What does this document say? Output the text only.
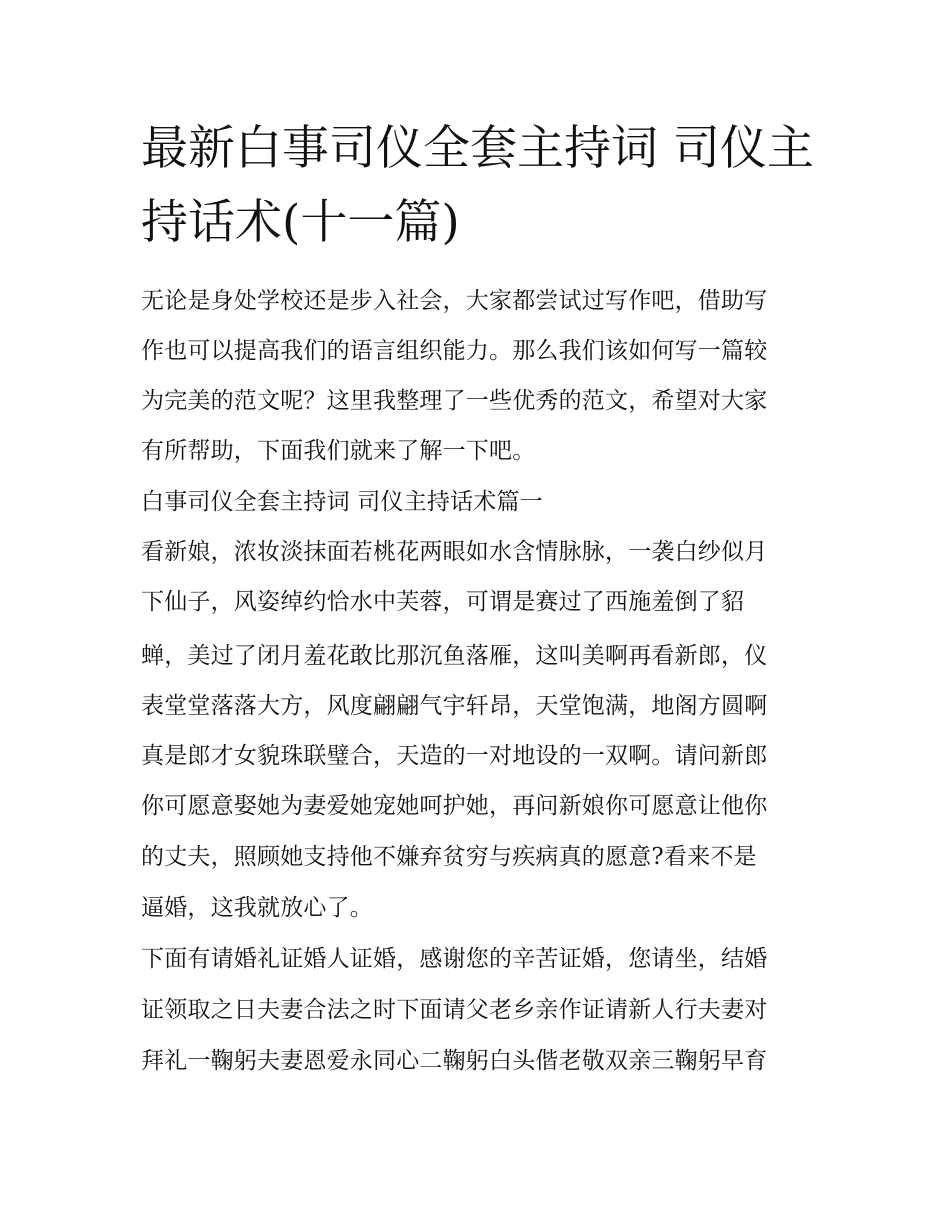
最新白事司仪全套主持词 司仪主持话术(十一篇)
无论是身处学校还是步入社会，大家都尝试过写作吧，借助写
作也可以提高我们的语言组织能力。那么我们该如何写一篇较
为完美的范文呢？这里我整理了一些优秀的范文，希望对大家
有所帮助，下面我们就来了解一下吧。
白事司仪全套主持词 司仪主持话术篇一
看新娘，浓妆淡抹面若桃花两眼如水含情脉脉，一袭白纱似月
下仙子，风姿绰约恰水中芙蓉，可谓是赛过了西施羞倒了貂
蝉，美过了闭月羞花敢比那沉鱼落雁，这叫美啊再看新郎，仪
表堂堂落落大方，风度翩翩气宇轩昂，天堂饱满，地阁方圆啊
真是郎才女貌珠联璧合，天造的一对地设的一双啊。请问新郎
你可愿意娶她为妻爱她宠她呵护她，再问新娘你可愿意让他你
的丈夫，照顾她支持他不嫌弃贫穷与疾病真的愿意?看来不是
逼婚，这我就放心了。
下面有请婚礼证婚人证婚，感谢您的辛苦证婚，您请坐，结婚
证领取之日夫妻合法之时下面请父老乡亲作证请新人行夫妻对
拜礼一鞠躬夫妻恩爱永同心二鞠躬白头偕老敬双亲三鞠躬早育
